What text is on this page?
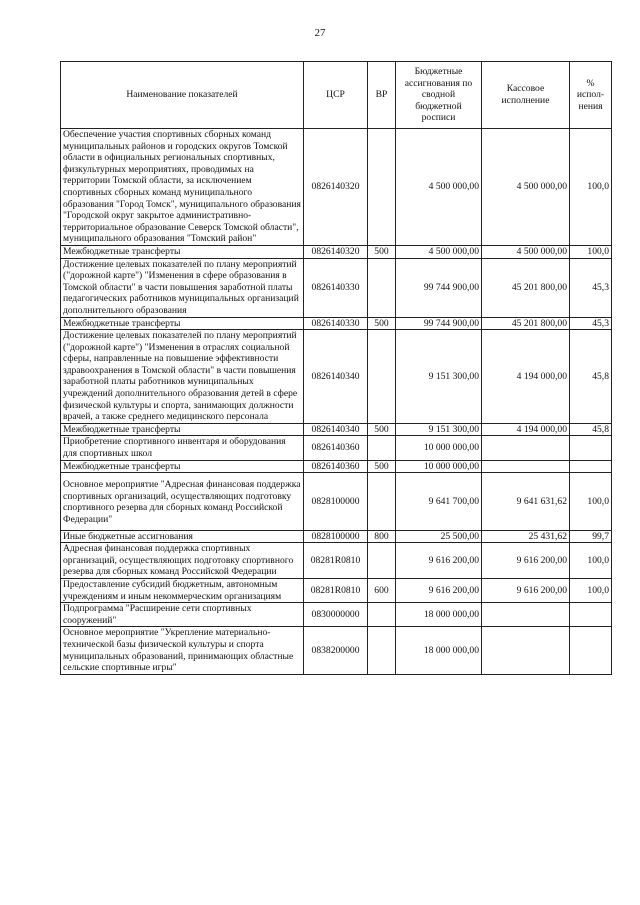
27
Наименование показателей	ЦСР	ВР	Бюджетные ассигнования по сводной бюджетной росписи	Кассовое исполнение	% испол-нения
Обеспечение участия спортивных сборных команд муниципальных районов и городских округов Томской области в официальных региональных спортивных, физкультурных мероприятиях, проводимых на территории Томской области, за исключением спортивных сборных команд муниципального образования "Город Томск", муниципального образования "Городской округ закрытое административно-территориальное образование Северск Томской области", муниципального образования "Томский район"	0826140320		4 500 000,00	4 500 000,00	100,0
Межбюджетные трансферты	0826140320	500	4 500 000,00	4 500 000,00	100,0
Достижение целевых показателей по плану мероприятий ("дорожной карте") "Изменения в сфере образования в Томской области" в части повышения заработной платы педагогических работников муниципальных организаций дополнительного образования	0826140330		99 744 900,00	45 201 800,00	45,3
Межбюджетные трансферты	0826140330	500	99 744 900,00	45 201 800,00	45,3
Достижение целевых показателей по плану мероприятий ("дорожной карте") "Изменения в отраслях социальной сферы, направленные на повышение эффективности здравоохранения в Томской области" в части повышения заработной платы работников муниципальных учреждений дополнительного образования детей в сфере физической культуры и спорта, занимающих должности врачей, а также среднего медицинского персонала	0826140340		9 151 300,00	4 194 000,00	45,8
Межбюджетные трансферты	0826140340	500	9 151 300,00	4 194 000,00	45,8
Приобретение спортивного инвентаря и оборудования для спортивных школ	0826140360		10 000 000,00		
Межбюджетные трансферты	0826140360	500	10 000 000,00		
Основное мероприятие "Адресная финансовая поддержка спортивных организаций, осуществляющих подготовку спортивного резерва для сборных команд Российской Федерации"	0828100000		9 641 700,00	9 641 631,62	100,0
Иные бюджетные ассигнования	0828100000	800	25 500,00	25 431,62	99,7
Адресная финансовая поддержка спортивных организаций, осуществляющих подготовку спортивного резерва для сборных команд Российской Федерации	08281R0810		9 616 200,00	9 616 200,00	100,0
Предоставление субсидий бюджетным, автономным учреждениям и иным некоммерческим организациям	08281R0810	600	9 616 200,00	9 616 200,00	100,0
Подпрограмма "Расширение сети спортивных сооружений"	0830000000		18 000 000,00		
Основное мероприятие "Укрепление материально-технической базы физической культуры и спорта муниципальных образований, принимающих областные сельские спортивные игры"	0838200000		18 000 000,00		
